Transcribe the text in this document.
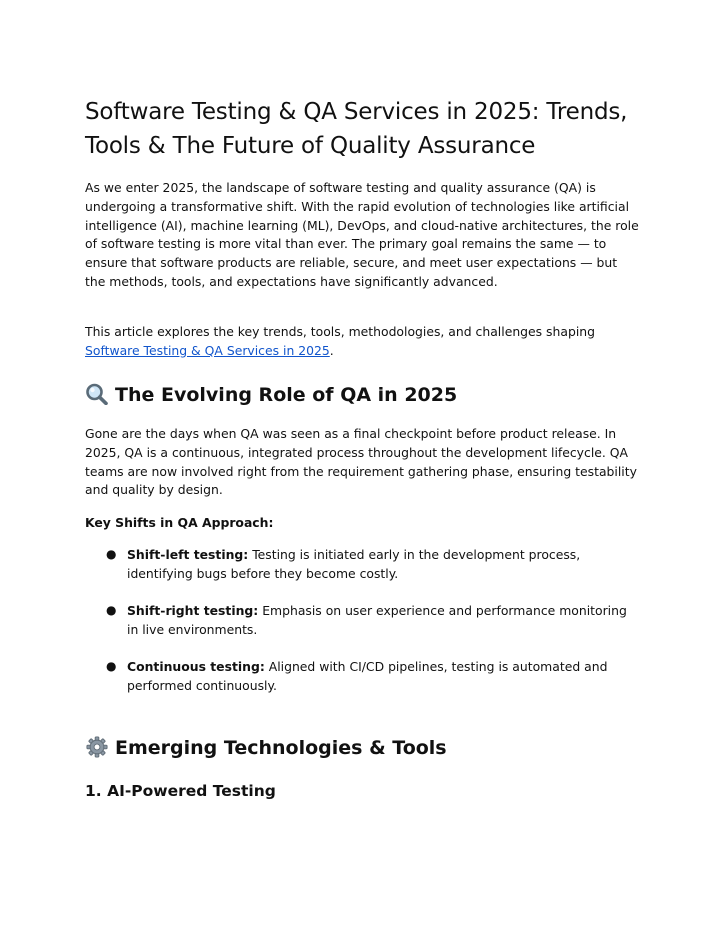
Software Testing & QA Services in 2025: Trends, Tools & The Future of Quality Assurance

As we enter 2025, the landscape of software testing and quality assurance (QA) is undergoing a transformative shift. With the rapid evolution of technologies like artificial intelligence (AI), machine learning (ML), DevOps, and cloud-native architectures, the role of software testing is more vital than ever. The primary goal remains the same — to ensure that software products are reliable, secure, and meet user expectations — but the methods, tools, and expectations have significantly advanced.

This article explores the key trends, tools, methodologies, and challenges shaping Software Testing & QA Services in 2025.

The Evolving Role of QA in 2025

Gone are the days when QA was seen as a final checkpoint before product release. In 2025, QA is a continuous, integrated process throughout the development lifecycle. QA teams are now involved right from the requirement gathering phase, ensuring testability and quality by design.

Key Shifts in QA Approach:

● Shift-left testing: Testing is initiated early in the development process, identifying bugs before they become costly.
● Shift-right testing: Emphasis on user experience and performance monitoring in live environments.
● Continuous testing: Aligned with CI/CD pipelines, testing is automated and performed continuously.
Emerging Technologies & Tools
1. AI-Powered Testing
